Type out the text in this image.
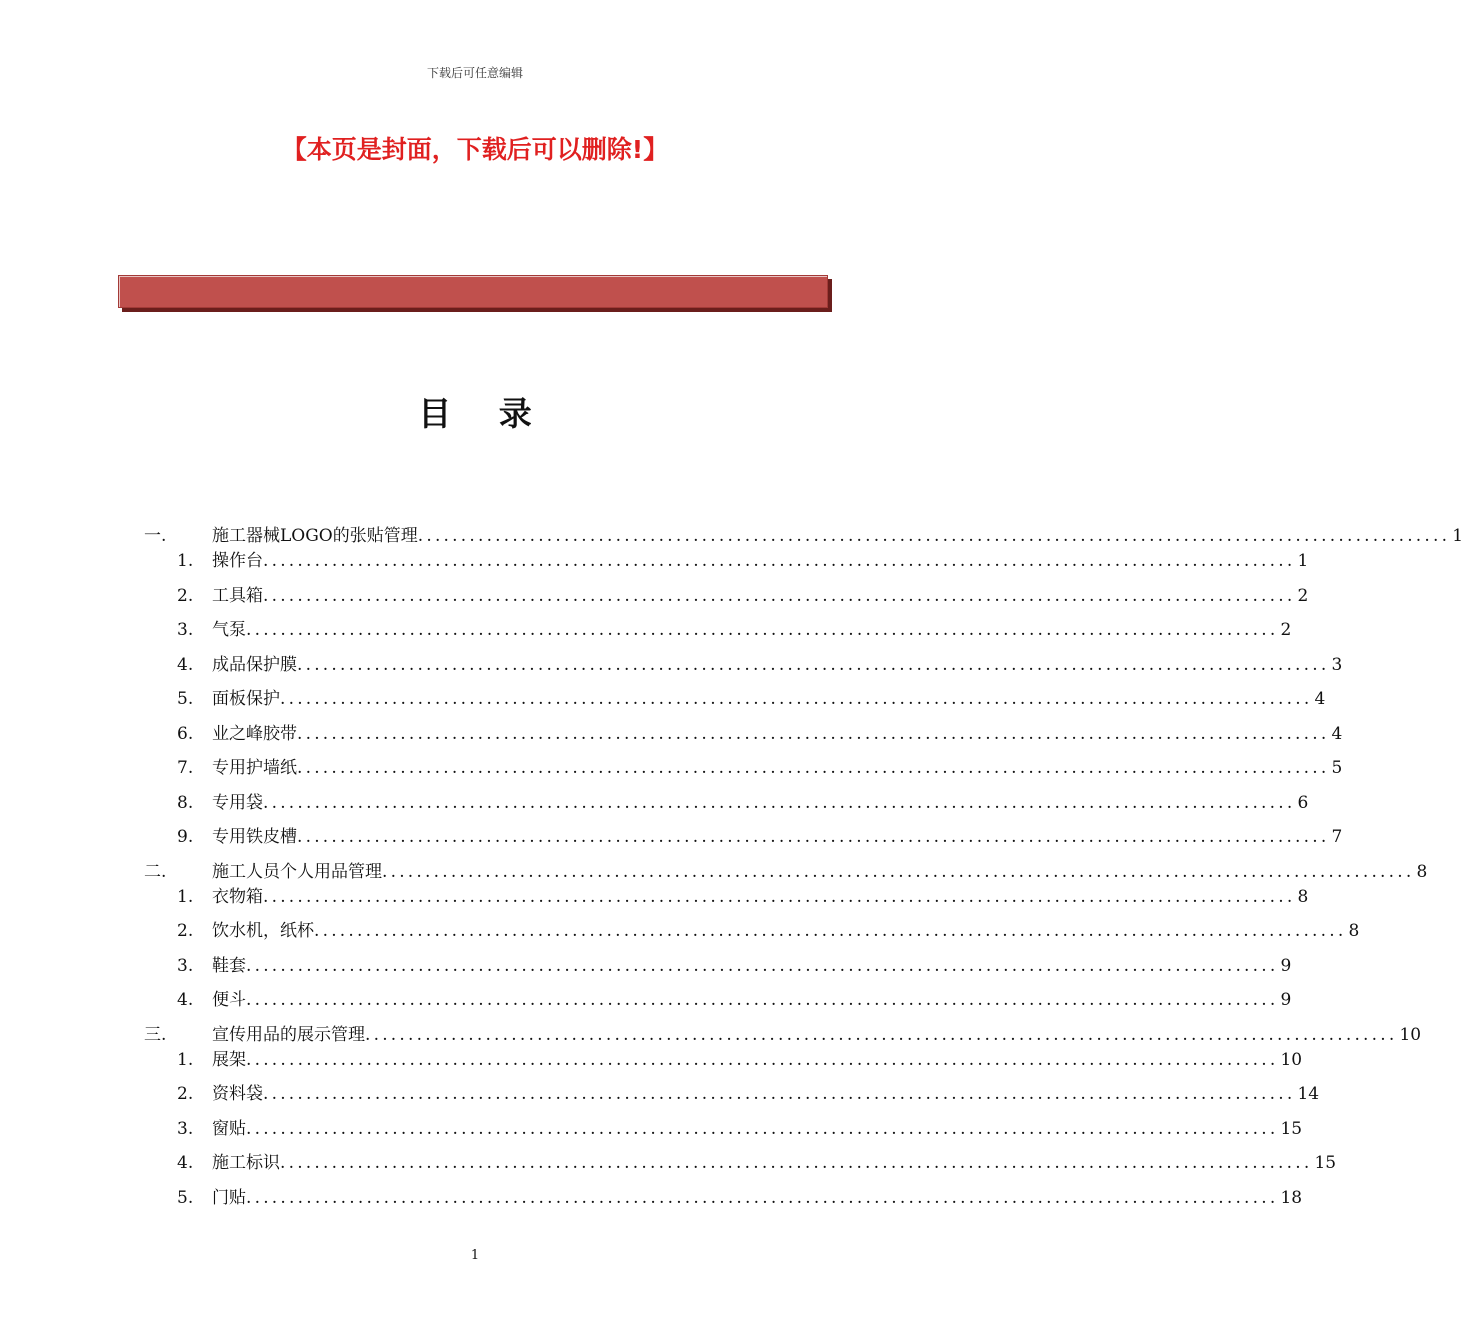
下载后可任意编辑
【本页是封面，下载后可以删除!】
目 录
一.	施工器械LOGO的张贴管理 ........................................................................................................................ 1
1.	操作台 ........................................................................................................................ 1
2.	工具箱 ........................................................................................................................ 2
3.	气泵 ........................................................................................................................ 2
4.	成品保护膜 ........................................................................................................................ 3
5.	面板保护 ........................................................................................................................ 4
6.	业之峰胶带 ........................................................................................................................ 4
7.	专用护墙纸 ........................................................................................................................ 5
8.	专用袋 ........................................................................................................................ 6
9.	专用铁皮槽 ........................................................................................................................ 7
二.	施工人员个人用品管理 ........................................................................................................................ 8
1.	衣物箱 ........................................................................................................................ 8
2.	饮水机，纸杯 ........................................................................................................................ 8
3.	鞋套 ........................................................................................................................ 9
4.	便斗 ........................................................................................................................ 9
三.	宣传用品的展示管理 ........................................................................................................................ 10
1.	展架 ........................................................................................................................ 10
2.	资料袋 ........................................................................................................................ 14
3.	窗贴 ........................................................................................................................ 15
4.	施工标识 ........................................................................................................................ 15
5.	门贴 ........................................................................................................................ 18
1
